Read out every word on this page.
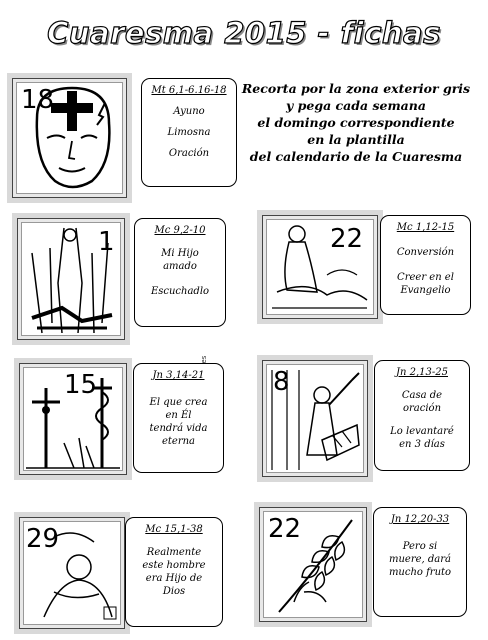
Cuaresma 2015 - fichas
Recorta por la zona exterior gris
y pega cada semana
el domingo correspondiente
en la plantilla
del calendario de la Cuaresma
18	Mt 6,1-6.16-18
Ayuno
Limosna
Oración
1	Mc 9,2-10
Mi Hijo amado
Escuchadlo
22	Mc 1,12-15
Conversión
Creer en el Evangelio
15	Jn 3,14-21
El que crea en Él tendrá vida eterna
8	Jn 2,13-25
Casa de oración
Lo levantaré en 3 días
29	Mc 15,1-38
Realmente este hombre era Hijo de Dios
22	Jn 12,20-33
Pero si muere, dará mucho fruto
